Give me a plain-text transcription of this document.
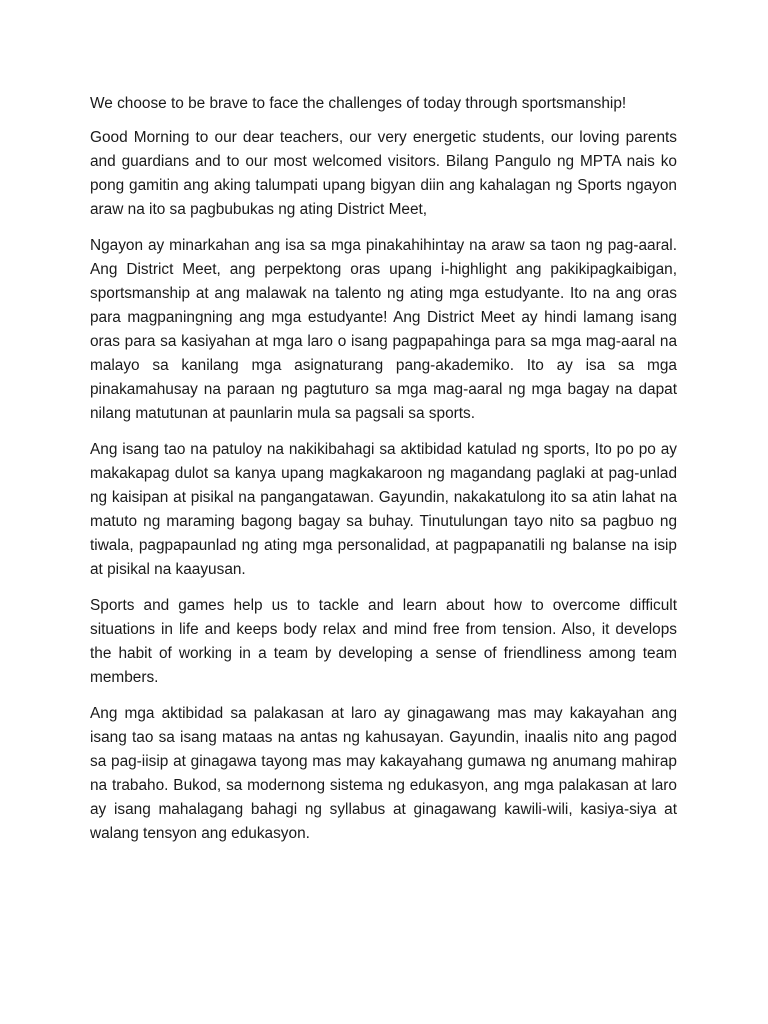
We choose to be brave to face the challenges of today through sportsmanship!

Good Morning to our dear teachers, our very energetic students, our loving parents and guardians and to our most welcomed visitors. Bilang Pangulo ng MPTA nais ko pong gamitin ang aking talumpati upang bigyan diin ang kahalagan ng Sports ngayon araw na ito sa pagbubukas ng ating District Meet,

Ngayon ay minarkahan ang isa sa mga pinakahihintay na araw sa taon ng pag-aaral. Ang District Meet, ang perpektong oras upang i-highlight ang pakikipagkaibigan, sportsmanship at ang malawak na talento ng ating mga estudyante. Ito na ang oras para magpaningning ang mga estudyante! Ang District Meet ay hindi lamang isang oras para sa kasiyahan at mga laro o isang pagpapahinga para sa mga mag-aaral na malayo sa kanilang mga asignaturang pang-akademiko. Ito ay isa sa mga pinakamahusay na paraan ng pagtuturo sa mga mag-aaral ng mga bagay na dapat nilang matutunan at paunlarin mula sa pagsali sa sports.

Ang isang tao na patuloy na nakikibahagi sa aktibidad katulad ng sports, Ito po po ay makakapag dulot sa kanya upang magkakaroon ng magandang paglaki at pag-unlad ng kaisipan at pisikal na pangangatawan. Gayundin, nakakatulong ito sa atin lahat na matuto ng maraming bagong bagay sa buhay. Tinutulungan tayo nito sa pagbuo ng tiwala, pagpapaunlad ng ating mga personalidad, at pagpapanatili ng balanse na isip at pisikal na kaayusan.

Sports and games help us to tackle and learn about how to overcome difficult situations in life and keeps body relax and mind free from tension. Also, it develops the habit of working in a team by developing a sense of friendliness among team members.

Ang mga aktibidad sa palakasan at laro ay ginagawang mas may kakayahan ang isang tao sa isang mataas na antas ng kahusayan. Gayundin, inaalis nito ang pagod sa pag-iisip at ginagawa tayong mas may kakayahang gumawa ng anumang mahirap na trabaho. Bukod, sa modernong sistema ng edukasyon, ang mga palakasan at laro ay isang mahalagang bahagi ng syllabus at ginagawang kawili-wili, kasiya-siya at walang tensyon ang edukasyon.
